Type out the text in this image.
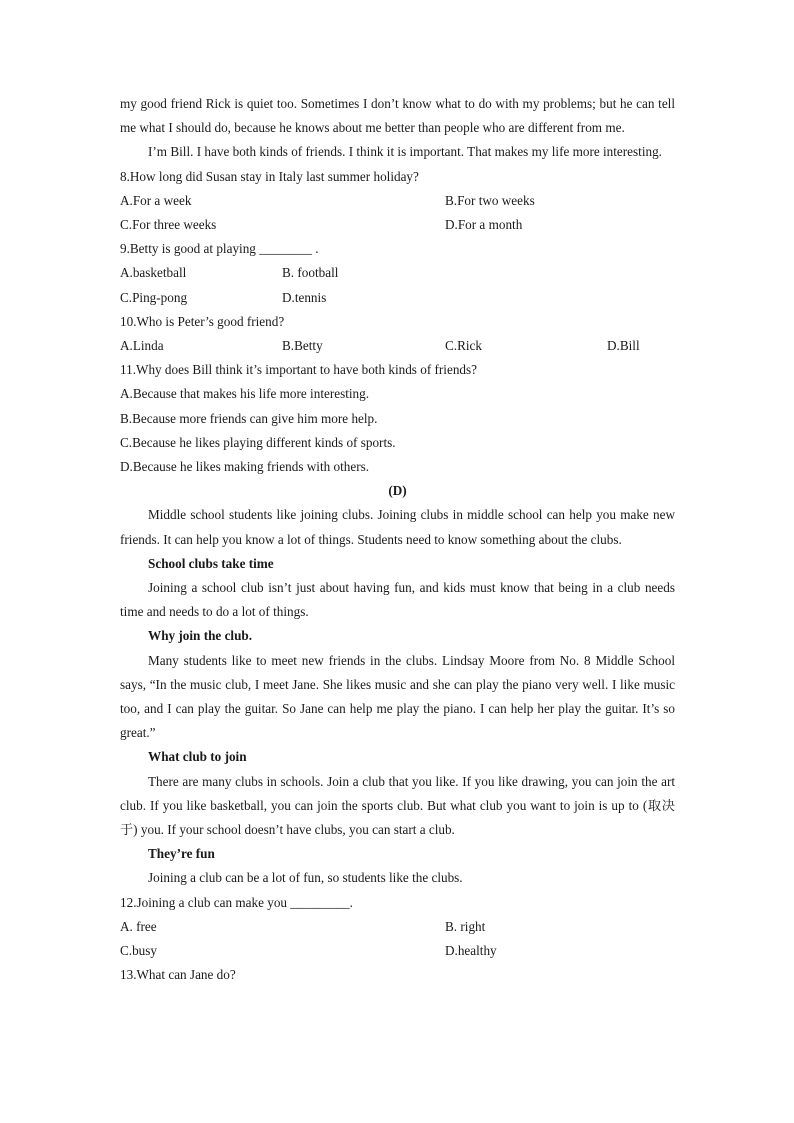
my good friend Rick is quiet too. Sometimes I don’t know what to do with my problems; but he can tell me what I should do, because he knows about me better than people who are different from me.

I’m Bill. I have both kinds of friends. I think it is important. That makes my life more interesting.

8.How long did Susan stay in Italy last summer holiday?

A.For a week	B.For two weeks
C.For three weeks	D.For a month

9.Betty is good at playing ________ .

A.basketball	B. football
C.Ping-pong	D.tennis

10.Who is Peter’s good friend?

A.Linda	B.Betty	C.Rick	D.Bill

11.Why does Bill think it’s important to have both kinds of friends?

A.Because that makes his life more interesting.

B.Because more friends can give him more help.

C.Because he likes playing different kinds of sports.

D.Because he likes making friends with others.

(D)

Middle school students like joining clubs. Joining clubs in middle school can help you make new friends. It can help you know a lot of things. Students need to know something about the clubs.

School clubs take time

Joining a school club isn’t just about having fun, and kids must know that being in a club needs time and needs to do a lot of things.

Why join the club.

Many students like to meet new friends in the clubs. Lindsay Moore from No. 8 Middle School says, “In the music club, I meet Jane. She likes music and she can play the piano very well. I like music too, and I can play the guitar. So Jane can help me play the piano. I can help her play the guitar. It’s so great.”

What club to join

There are many clubs in schools. Join a club that you like. If you like drawing, you can join the art club. If you like basketball, you can join the sports club. But what club you want to join is up to (取决于) you. If your school doesn’t have clubs, you can start a club.

They’re fun

Joining a club can be a lot of fun, so students like the clubs.

12.Joining a club can make you _________.

A. free	B. right
C.busy	D.healthy

13.What can Jane do?
